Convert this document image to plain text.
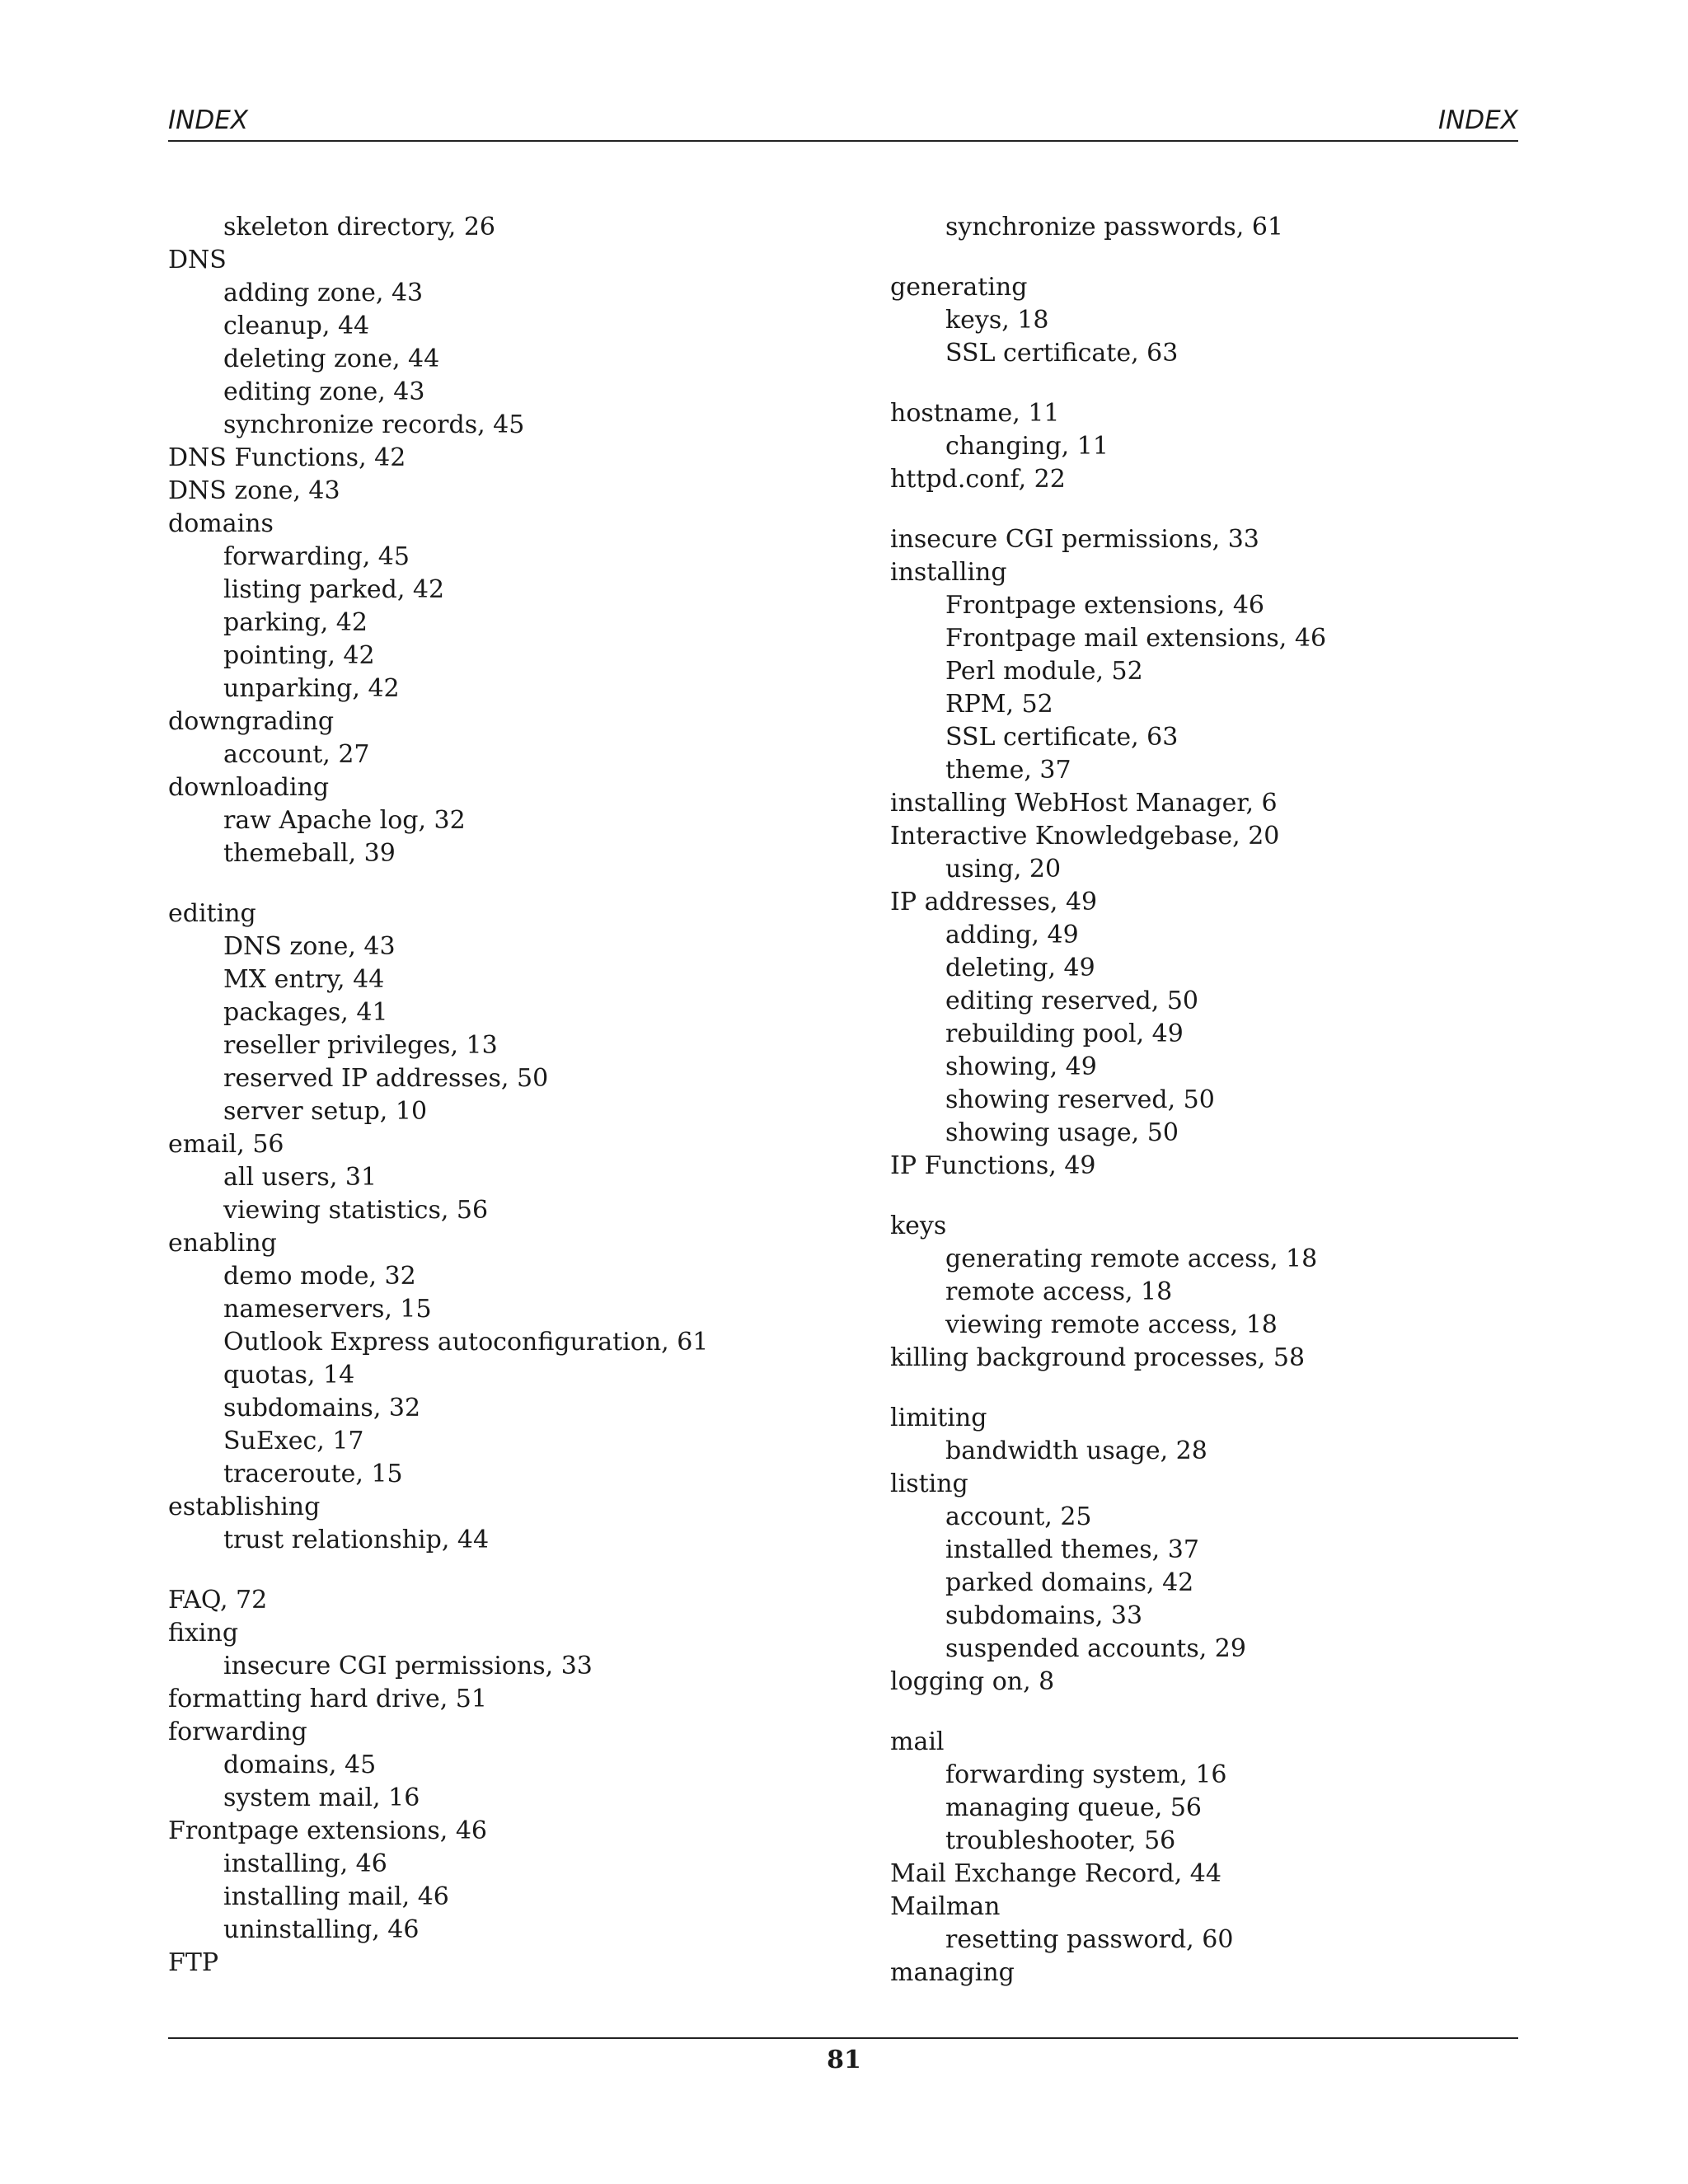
INDEX	INDEX
skeleton directory, 26
DNS
adding zone, 43
cleanup, 44
deleting zone, 44
editing zone, 43
synchronize records, 45
DNS Functions, 42
DNS zone, 43
domains
forwarding, 45
listing parked, 42
parking, 42
pointing, 42
unparking, 42
downgrading
account, 27
downloading
raw Apache log, 32
themeball, 39
editing
DNS zone, 43
MX entry, 44
packages, 41
reseller privileges, 13
reserved IP addresses, 50
server setup, 10
email, 56
all users, 31
viewing statistics, 56
enabling
demo mode, 32
nameservers, 15
Outlook Express autoconfiguration, 61
quotas, 14
subdomains, 32
SuExec, 17
traceroute, 15
establishing
trust relationship, 44
FAQ, 72
fixing
insecure CGI permissions, 33
formatting hard drive, 51
forwarding
domains, 45
system mail, 16
Frontpage extensions, 46
installing, 46
installing mail, 46
uninstalling, 46
FTP
synchronize passwords, 61
generating
keys, 18
SSL certificate, 63
hostname, 11
changing, 11
httpd.conf, 22
insecure CGI permissions, 33
installing
Frontpage extensions, 46
Frontpage mail extensions, 46
Perl module, 52
RPM, 52
SSL certificate, 63
theme, 37
installing WebHost Manager, 6
Interactive Knowledgebase, 20
using, 20
IP addresses, 49
adding, 49
deleting, 49
editing reserved, 50
rebuilding pool, 49
showing, 49
showing reserved, 50
showing usage, 50
IP Functions, 49
keys
generating remote access, 18
remote access, 18
viewing remote access, 18
killing background processes, 58
limiting
bandwidth usage, 28
listing
account, 25
installed themes, 37
parked domains, 42
subdomains, 33
suspended accounts, 29
logging on, 8
mail
forwarding system, 16
managing queue, 56
troubleshooter, 56
Mail Exchange Record, 44
Mailman
resetting password, 60
managing
81
